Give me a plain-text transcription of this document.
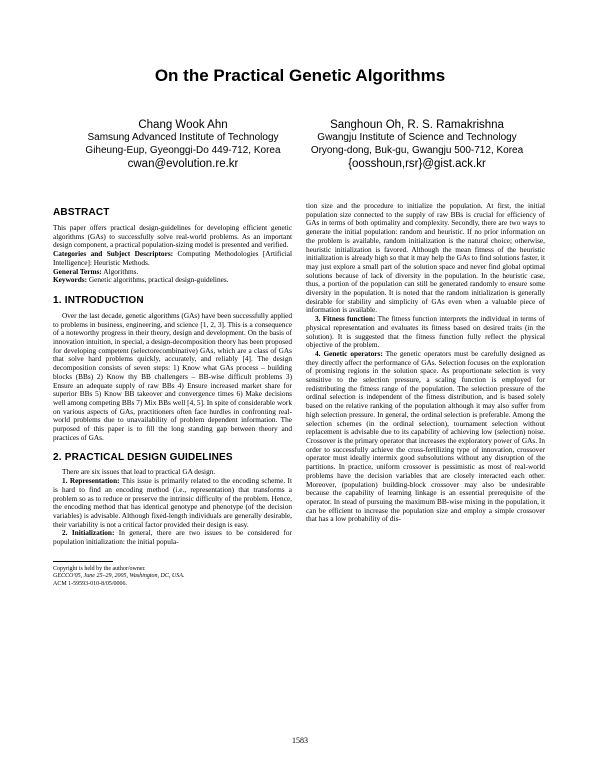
On the Practical Genetic Algorithms
Chang Wook Ahn
Samsung Advanced Institute of Technology
Giheung-Eup, Gyeonggi-Do 449-712, Korea
cwan@evolution.re.kr
Sanghoun Oh, R. S. Ramakrishna
Gwangju Institute of Science and Technology
Oryong-dong, Buk-gu, Gwangju 500-712, Korea
{oosshoun,rsr}@gist.ack.kr
ABSTRACT

This paper offers practical design-guidelines for developing efficient genetic algorithms (GAs) to successfully solve real-world problems. As an important design component, a practical population-sizing model is presented and verified.

Categories and Subject Descriptors: Computing Methodologies [Artificial Intelligence]: Heuristic Methods.

General Terms: Algorithms.

Keywords: Genetic algorithms, practical design-guidelines.

1. INTRODUCTION

Over the last decade, genetic algorithms (GAs) have been successfully applied to problems in business, engineering, and science [1, 2, 3]. This is a consequence of a noteworthy progress in their theory, design and development. On the basis of innovation intuition, in special, a design-decomposition theory has been proposed for developing competent (selectorecombinative) GAs, which are a class of GAs that solve hard problems quickly, accurately, and reliably [4]. The design decomposition consists of seven steps: 1) Know what GAs process – building blocks (BBs) 2) Know thy BB challengers – BB-wise difficult problems 3) Ensure an adequate supply of raw BBs 4) Ensure increased market share for superior BBs 5) Know BB takeover and convergence times 6) Make decisions well among competing BBs 7) Mix BBs well [4, 5]. In spite of considerable work on various aspects of GAs, practitioners often face hurdles in confronting real-world problems due to unavailability of problem dependent information. The purposed of this paper is to fill the long standing gap between theory and practices of GAs.

2. PRACTICAL DESIGN GUIDELINES

There are six issues that lead to practical GA design.

1. Representation: This issue is primarily related to the encoding scheme. It is hard to find an encoding method (i.e., representation) that transforms a problem so as to reduce or preserve the intrinsic difficulty of the problem. Hence, the encoding method that has identical genotype and phenotype (of the decision variables) is advisable. Although fixed-length individuals are generally desirable, their variability is not a critical factor provided their design is easy.

2. Initialization: In general, there are two issues to be considered for population initialization: the initial popula-

Copyright is held by the author/owner.
GECCO'05, June 25–29, 2005, Washington, DC, USA.
ACM 1-59593-010-8/05/0006.

tion size and the procedure to initialize the population. At first, the initial population size connected to the supply of raw BBs is crucial for efficiency of GAs in terms of both optimality and complexity. Secondly, there are two ways to generate the initial population: random and heuristic. If no prior information on the problem is available, random initialization is the natural choice; otherwise, heuristic initialization is favored. Although the mean fitness of the heuristic initialization is already high so that it may help the GAs to find solutions faster, it may just explore a small part of the solution space and never find global optimal solutions because of lack of diversity in the population. In the heuristic case, thus, a portion of the population can still be generated randomly to ensure some diversity in the population. It is noted that the random initialization is generally desirable for stability and simplicity of GAs even when a valuable piece of information is available.

3. Fitness function: The fitness function interprets the individual in terms of physical representation and evaluates its fitness based on desired traits (in the solution). It is suggested that the fitness function fully reflect the physical objective of the problem.

4. Genetic operators: The genetic operators must be carefully designed as they directly affect the performance of GAs. Selection focuses on the exploration of promising regions in the solution space. As proportionate selection is very sensitive to the selection pressure, a scaling function is employed for redistributing the fitness range of the population. The selection pressure of the ordinal selection is independent of the fitness distribution, and is based solely based on the relative ranking of the population although it may also suffer from high selection pressure. In general, the ordinal selection is preferable. Among the selection schemes (in the ordinal selection), tournament selection without replacement is advisable due to its capability of achieving low (selection) noise. Crossover is the primary operator that increases the exploratory power of GAs. In order to successfully achieve the cross-fertilizing type of innovation, crossover operator must ideally intermix good subsolutions without any disruption of the partitions. In practice, uniform crossover is pessimistic as most of real-world problems have the decision variables that are closely interacted each other. Moreover, (population) building-block crossover may also be undesirable because the capability of learning linkage is an essential prerequisite of the operator. In stead of pursuing the maximum BB-wise mixing in the population, it can be efficient to increase the population size and employ a simple crossover that has a low probability of dis-

1583
